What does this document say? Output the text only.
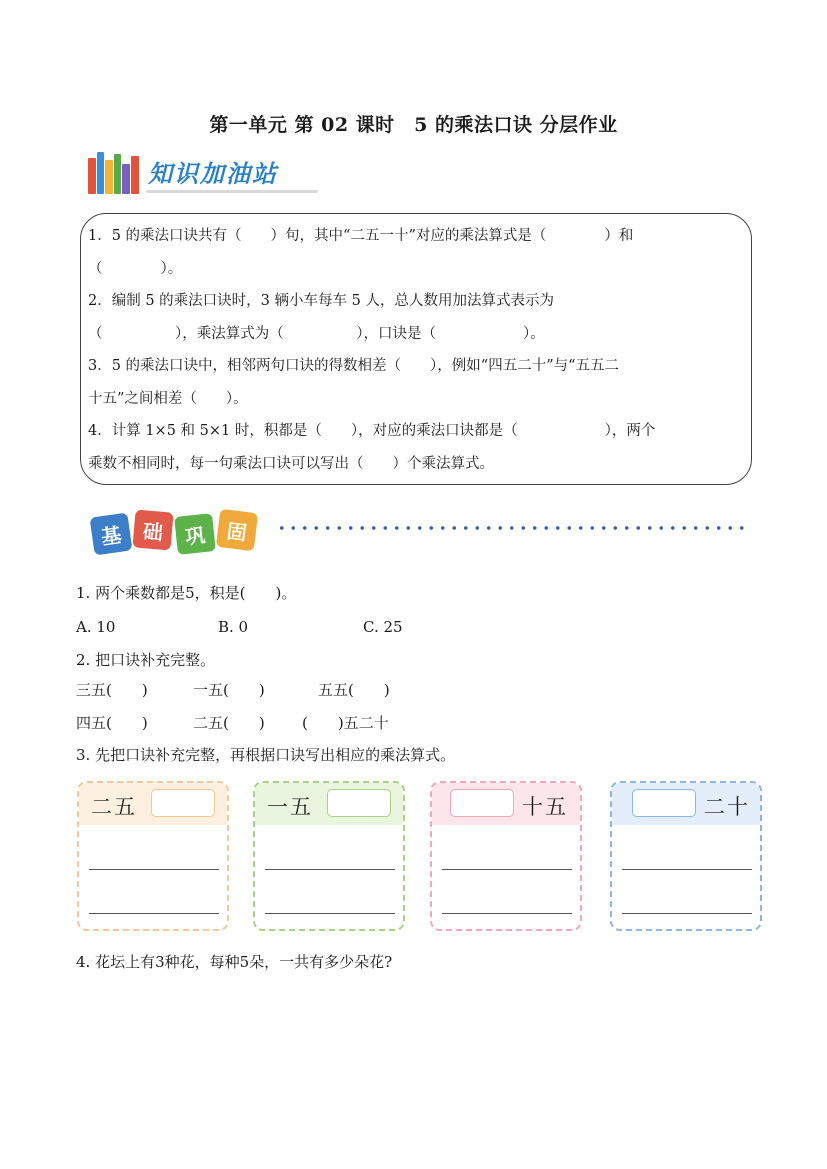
第一单元 第 02 课时　5 的乘法口诀 分层作业
知识加油站
1．5 的乘法口诀共有（　　）句，其中“二五一十”对应的乘法算式是（　　　　）和
（　　　　）。
2．编制 5 的乘法口诀时，3 辆小车每车 5 人，总人数用加法算式表示为
（　　　　　），乘法算式为（　　　　　），口诀是（　　　　　　）。
3．5 的乘法口诀中，相邻两句口诀的得数相差（　　），例如“四五二十”与“五五二
十五”之间相差（　　）。
4．计算 1×5 和 5×1 时，积都是（　　），对应的乘法口诀都是（　　　　　　），两个
乘数不相同时，每一句乘法口诀可以写出（　　）个乘法算式。
基 础	巩 固
1. 两个乘数都是5，积是(　　)。
A. 10	B. 0	C. 25
2. 把口诀补充完整。
三五(　　)	一五(　　)	五五(　　)
四五(　　)	二五(　　) (　　)五二十
3. 先把口诀补充完整，再根据口诀写出相应的乘法算式。
二五	一五	十五	二十
4. 花坛上有3种花，每种5朵，一共有多少朵花?
